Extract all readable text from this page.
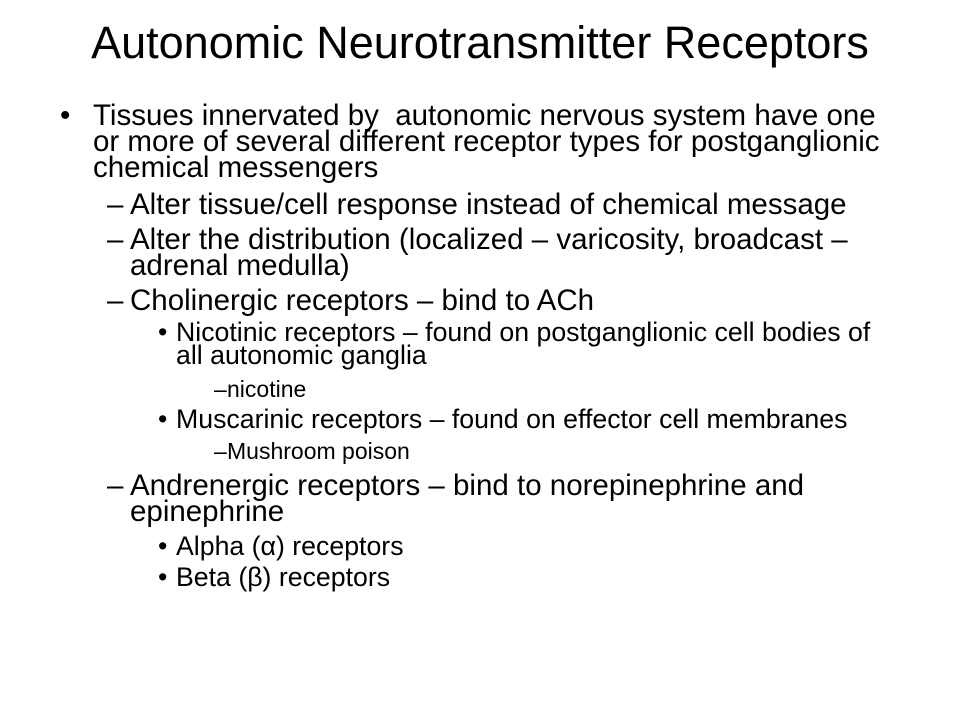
Autonomic Neurotransmitter Receptors
• Tissues innervated by  autonomic nervous system have one or more of several different receptor types for postganglionic chemical messengers
– Alter tissue/cell response instead of chemical message
– Alter the distribution (localized – varicosity, broadcast – adrenal medulla)
– Cholinergic receptors – bind to ACh
• Nicotinic receptors – found on postganglionic cell bodies of all autonomic ganglia
– nicotine
• Muscarinic receptors – found on effector cell membranes
– Mushroom poison
– Andrenergic receptors – bind to norepinephrine and epinephrine
• Alpha (α) receptors
• Beta (β) receptors
